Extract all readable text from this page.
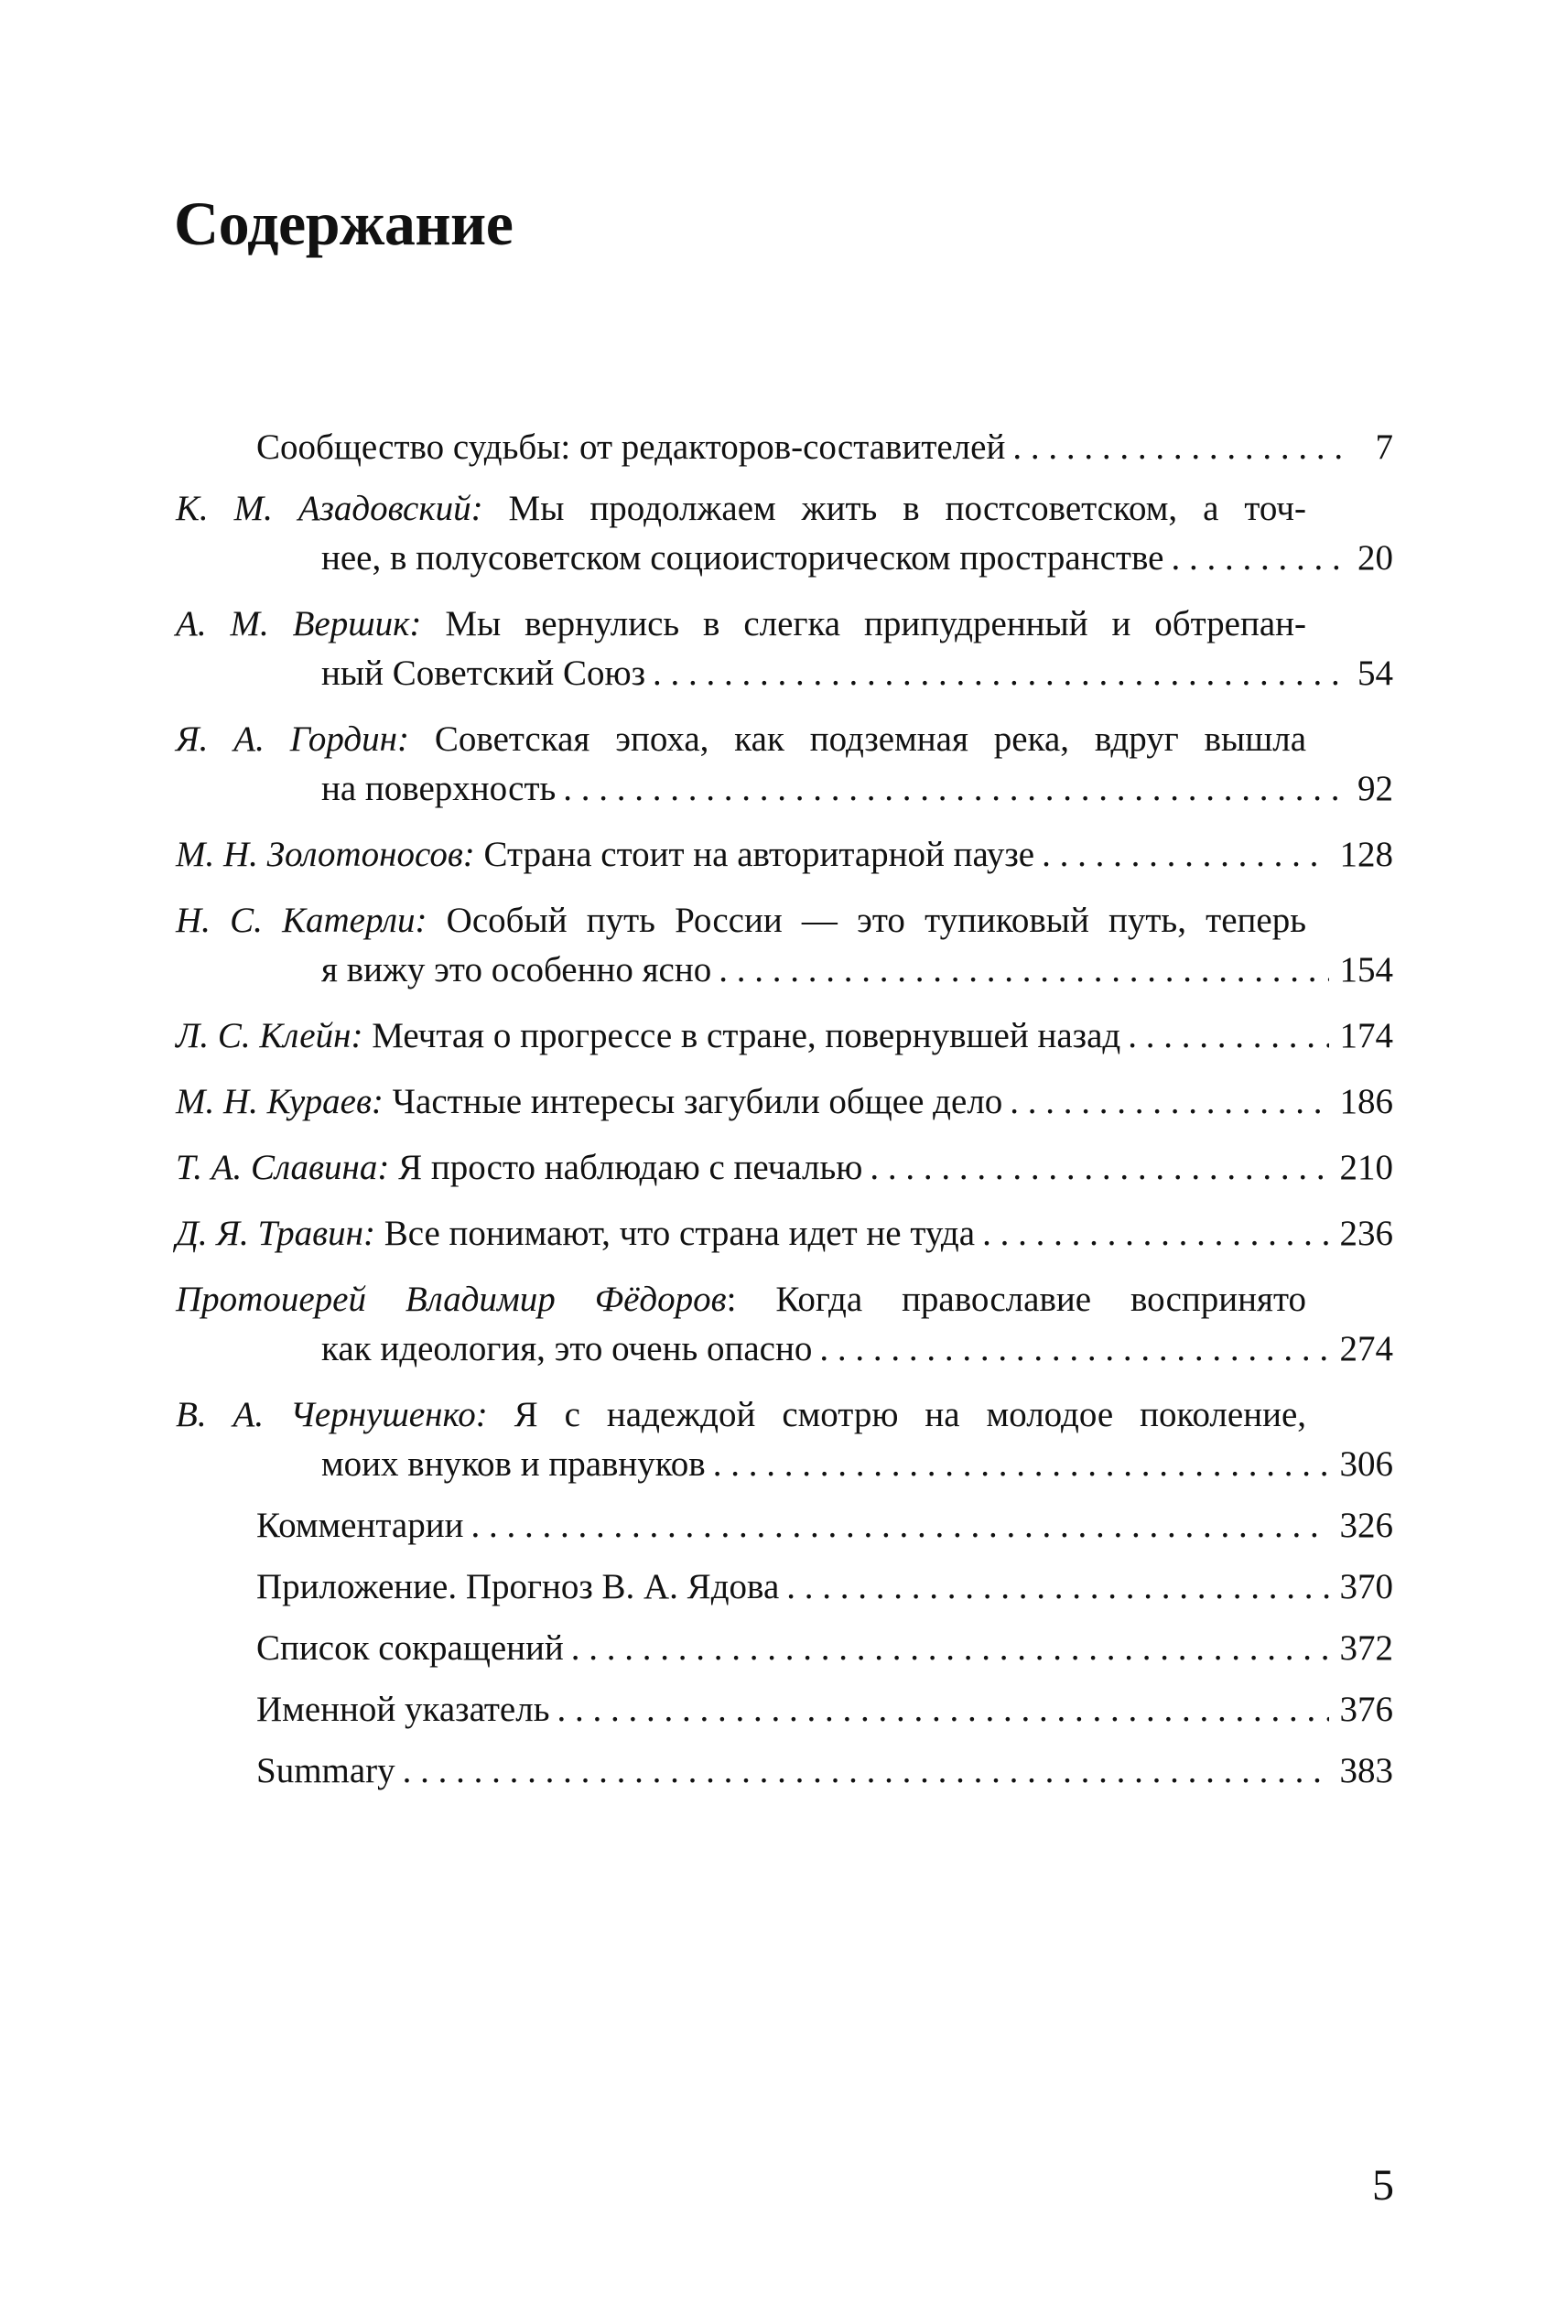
Содержание
Сообщество судьбы: от редакторов-составителей . . .	7
К. М. Азадовский: Мы продолжаем жить в постсоветском, а точ-
нее, в полусоветском социоисторическом пространстве . . .	20
А. М. Вершик: Мы вернулись в слегка припудренный и обтрепан-
ный Советский Союз . . .	54
Я. А. Гордин: Советская эпоха, как подземная река, вдруг вышла
на поверхность . . .	92
М. Н. Золотоносов:
Страна стоит на авторитарной паузе . . .	128
Н. С. Катерли: Особый путь России — это тупиковый путь, теперь
я вижу это особенно ясно . . .	154
Л. С. Клейн:
Мечтая о прогрессе в стране, повернувшей назад . . .	174
М. Н. Кураев:
Частные интересы загубили общее дело . . .	186
Т. А. Славина:
Я просто наблюдаю с печалью . . .	210
Д. Я. Травин:
Все понимают, что страна идет не туда . . .	236
Протоиерей Владимир Фёдоров: Когда православие воспринято
как идеология, это очень опасно . . .	274
В. А. Чернушенко: Я с надеждой смотрю на молодое поколение,
моих внуков и правнуков . . .	306
Комментарии . . .	326
Приложение. Прогноз В. А. Ядова . . .	370
Список сокращений . . .	372
Именной указатель . . .	376
Summary . . .	383
5
